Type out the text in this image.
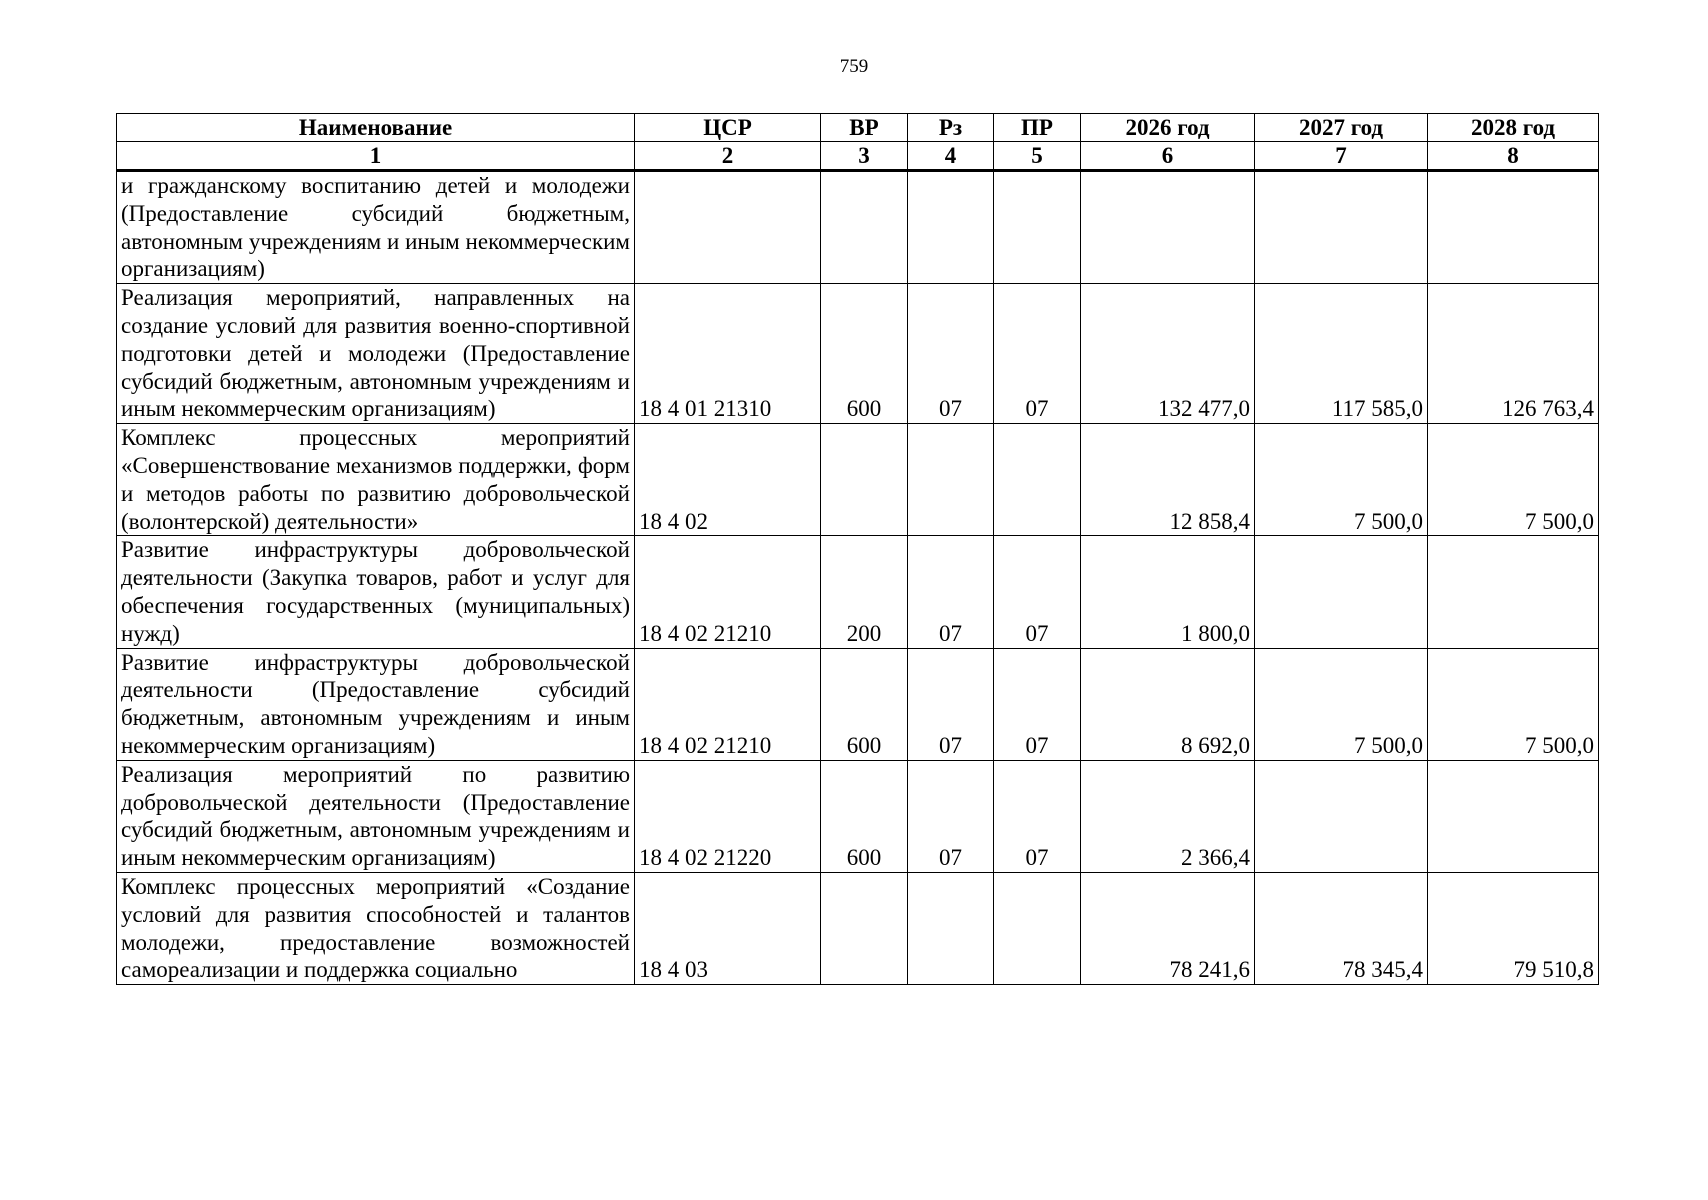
759
Наименование	ЦСР	ВР	Рз	ПР	2026 год	2027 год	2028 год
1	2	3	4	5	6	7	8
и гражданскому воспитанию детей и молодежи (Предоставление субсидий бюджетным, автономным учреждениям и иным некоммерческим организациям)							
Реализация мероприятий, направленных на создание условий для развития военно-спортивной подготовки детей и молодежи (Предоставление субсидий бюджетным, автономным учреждениям и иным некоммерческим организациям)	18 4 01 21310	600	07	07	132 477,0	117 585,0	126 763,4
Комплекс процессных мероприятий «Совершенствование механизмов поддержки, форм и методов работы по развитию добровольческой (волонтерской) деятельности»	18 4 02				12 858,4	7 500,0	7 500,0
Развитие инфраструктуры добровольческой деятельности (Закупка товаров, работ и услуг для обеспечения государственных (муниципальных) нужд)	18 4 02 21210	200	07	07	1 800,0		
Развитие инфраструктуры добровольческой деятельности (Предоставление субсидий бюджетным, автономным учреждениям и иным некоммерческим организациям)	18 4 02 21210	600	07	07	8 692,0	7 500,0	7 500,0
Реализация мероприятий по развитию добровольческой деятельности (Предоставление субсидий бюджетным, автономным учреждениям и иным некоммерческим организациям)	18 4 02 21220	600	07	07	2 366,4		
Комплекс процессных мероприятий «Создание условий для развития способностей и талантов молодежи, предоставление возможностей самореализации и поддержка социально	18 4 03				78 241,6	78 345,4	79 510,8
